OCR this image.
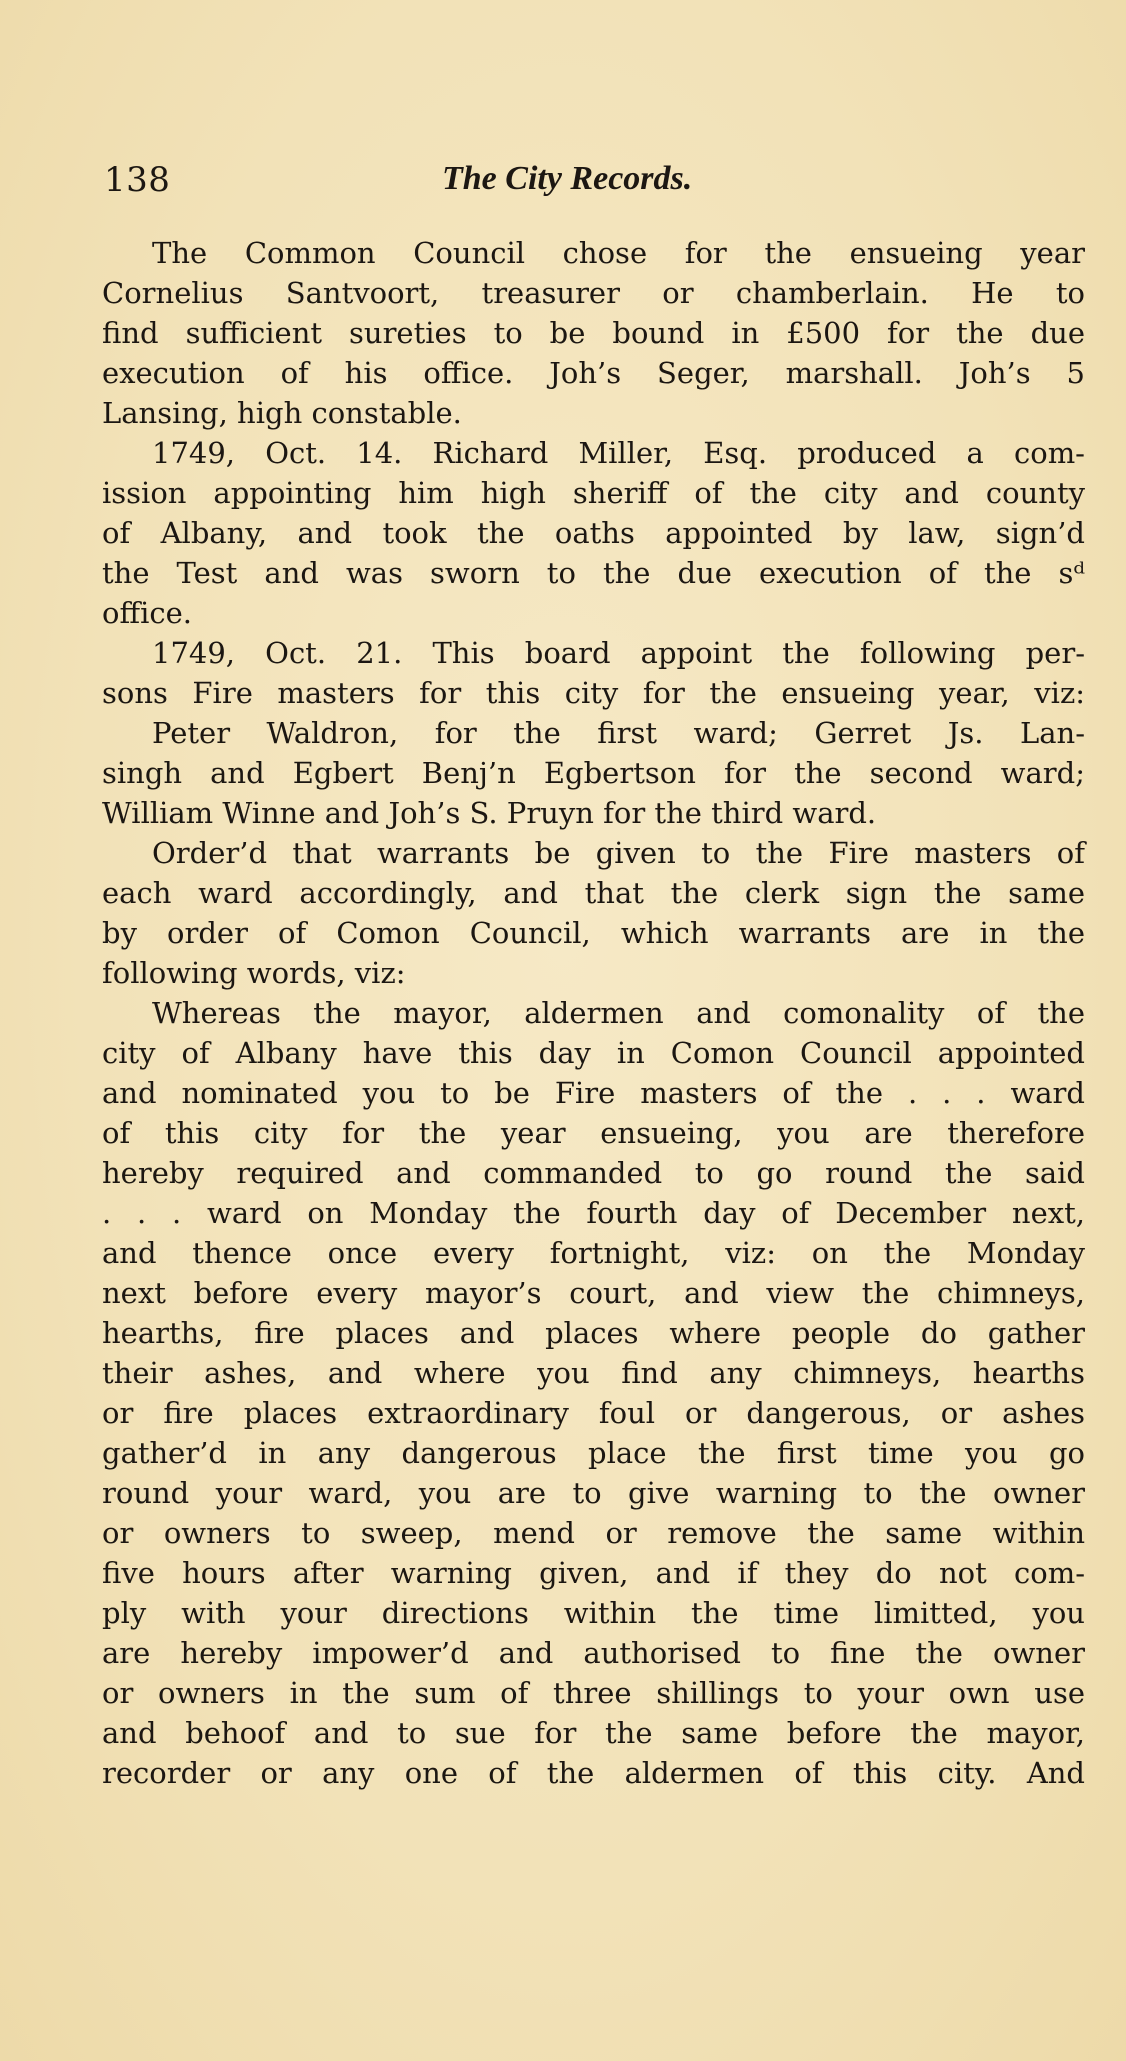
138	The City Records.
The Common Council chose for the ensueing year
Cornelius Santvoort, treasurer or chamberlain. He to
find sufficient sureties to be bound in £500 for the due
execution of his office. Joh’s Seger, marshall. Joh’s 5
Lansing, high constable.
1749, Oct. 14. Richard Miller, Esq. produced a com-
ission appointing him high sheriff of the city and county
of Albany, and took the oaths appointed by law, sign’d
the Test and was sworn to the due execution of the sᵈ
office.
1749, Oct. 21. This board appoint the following per-
sons Fire masters for this city for the ensueing year, viz:
Peter Waldron, for the first ward; Gerret Js. Lan-
singh and Egbert Benj’n Egbertson for the second ward;
William Winne and Joh’s S. Pruyn for the third ward.
Order’d that warrants be given to the Fire masters of
each ward accordingly, and that the clerk sign the same
by order of Comon Council, which warrants are in the
following words, viz:
Whereas the mayor, aldermen and comonality of the
city of Albany have this day in Comon Council appointed
and nominated you to be Fire masters of the . . . ward
of this city for the year ensueing, you are therefore
hereby required and commanded to go round the said
. . . ward on Monday the fourth day of December next,
and thence once every fortnight, viz: on the Monday
next before every mayor’s court, and view the chimneys,
hearths, fire places and places where people do gather
their ashes, and where you find any chimneys, hearths
or fire places extraordinary foul or dangerous, or ashes
gather’d in any dangerous place the first time you go
round your ward, you are to give warning to the owner
or owners to sweep, mend or remove the same within
five hours after warning given, and if they do not com-
ply with your directions within the time limitted, you
are hereby impower’d and authorised to fine the owner
or owners in the sum of three shillings to your own use
and behoof and to sue for the same before the mayor,
recorder or any one of the aldermen of this city. And
